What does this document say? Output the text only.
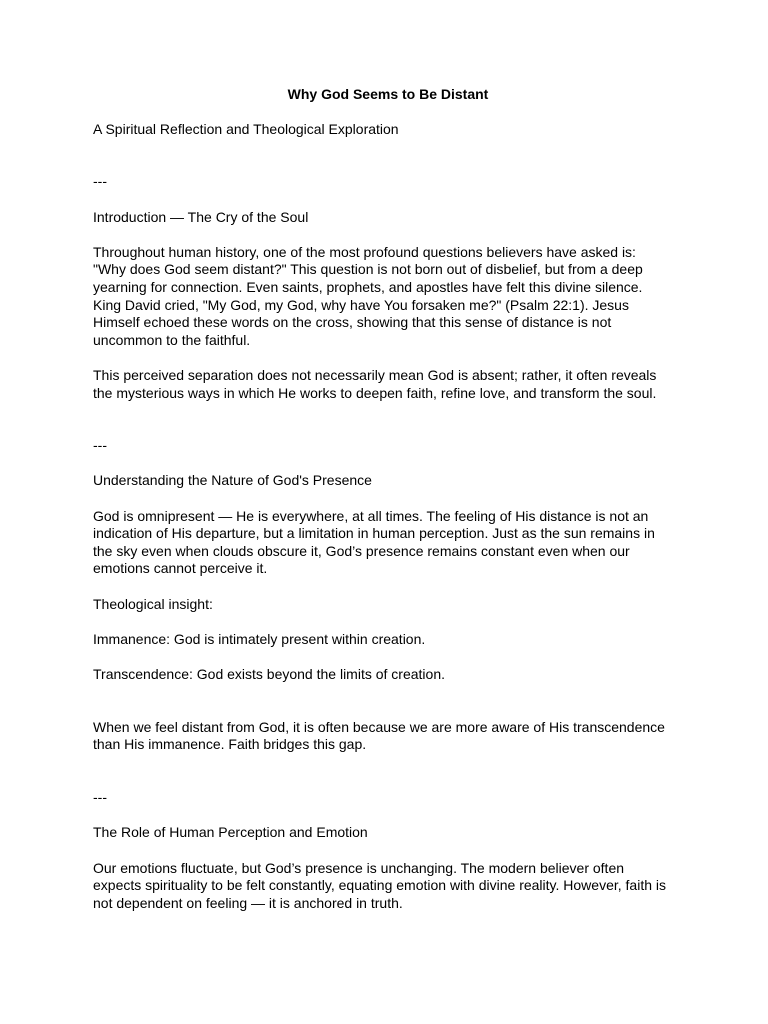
Why God Seems to Be Distant
A Spiritual Reflection and Theological Exploration
---
Introduction — The Cry of the Soul
Throughout human history, one of the most profound questions believers have asked is:
"Why does God seem distant?" This question is not born out of disbelief, but from a deep
yearning for connection. Even saints, prophets, and apostles have felt this divine silence.
King David cried, "My God, my God, why have You forsaken me?" (Psalm 22:1). Jesus
Himself echoed these words on the cross, showing that this sense of distance is not
uncommon to the faithful.
This perceived separation does not necessarily mean God is absent; rather, it often reveals
the mysterious ways in which He works to deepen faith, refine love, and transform the soul.
---
Understanding the Nature of God's Presence
God is omnipresent — He is everywhere, at all times. The feeling of His distance is not an
indication of His departure, but a limitation in human perception. Just as the sun remains in
the sky even when clouds obscure it, God’s presence remains constant even when our
emotions cannot perceive it.
Theological insight:
Immanence: God is intimately present within creation.
Transcendence: God exists beyond the limits of creation.
When we feel distant from God, it is often because we are more aware of His transcendence
than His immanence. Faith bridges this gap.
---
The Role of Human Perception and Emotion
Our emotions fluctuate, but God’s presence is unchanging. The modern believer often
expects spirituality to be felt constantly, equating emotion with divine reality. However, faith is
not dependent on feeling — it is anchored in truth.
